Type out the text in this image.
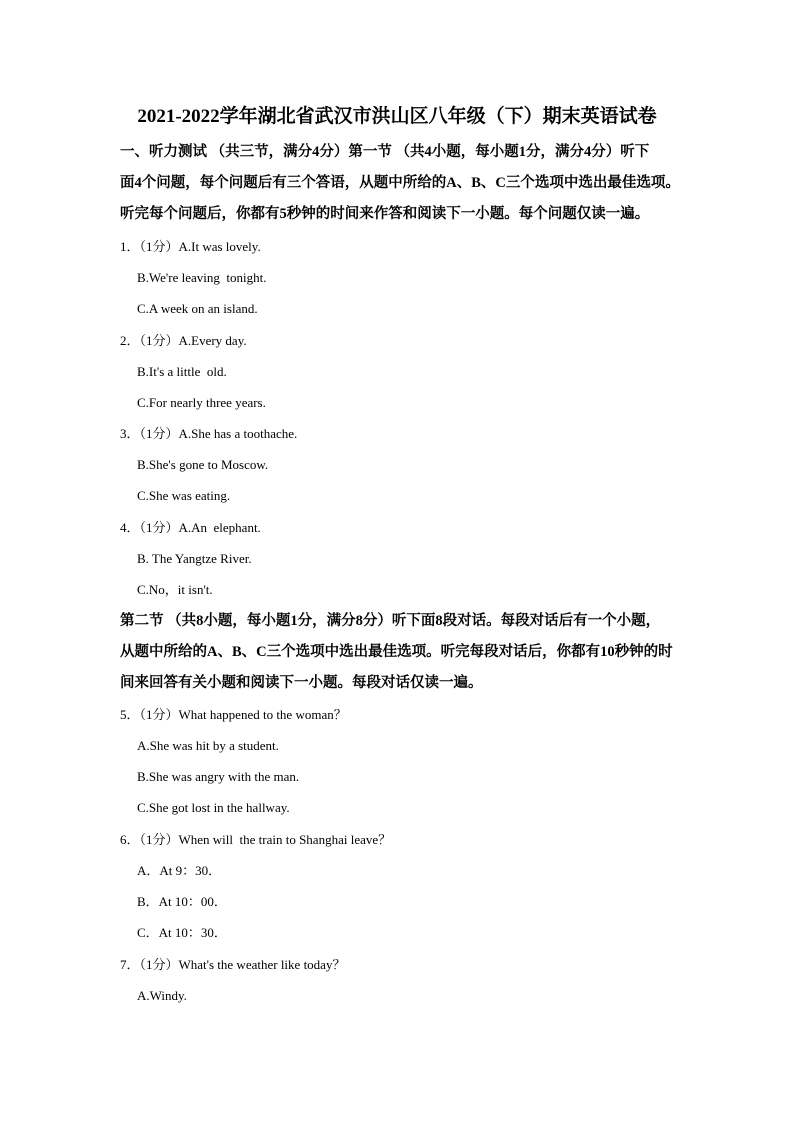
2021-2022学年湖北省武汉市洪山区八年级（下）期末英语试卷
一、听力测试 （共三节，满分4分）第一节 （共4小题，每小题1分，满分4分）听下
面4个问题，每个问题后有三个答语，从题中所给的A、B、C三个选项中选出最佳选项。
听完每个问题后，你都有5秒钟的时间来作答和阅读下一小题。每个问题仅读一遍。
1．（1分）A.It was lovely.
B.We're leaving  tonight.
C.A week on an island.
2．（1分）A.Every day.
B.It's a little  old.
C.For nearly three years.
3．（1分）A.She has a toothache.
B.She's gone to Moscow.
C.She was eating.
4．（1分）A.An  elephant.
B. The Yangtze River.
C.No，it isn't.
第二节 （共8小题，每小题1分，满分8分）听下面8段对话。每段对话后有一个小题，
从题中所给的A、B、C三个选项中选出最佳选项。听完每段对话后，你都有10秒钟的时
间来回答有关小题和阅读下一小题。每段对话仅读一遍。
5．（1分）What happened to the woman？
A.She was hit by a student.
B.She was angry with the man.
C.She got lost in the hallway.
6．（1分）When will  the train to Shanghai leave？
A．At 9：30．
B．At 10：00．
C．At 10：30．
7．（1分）What's the weather like today？
A.Windy.
